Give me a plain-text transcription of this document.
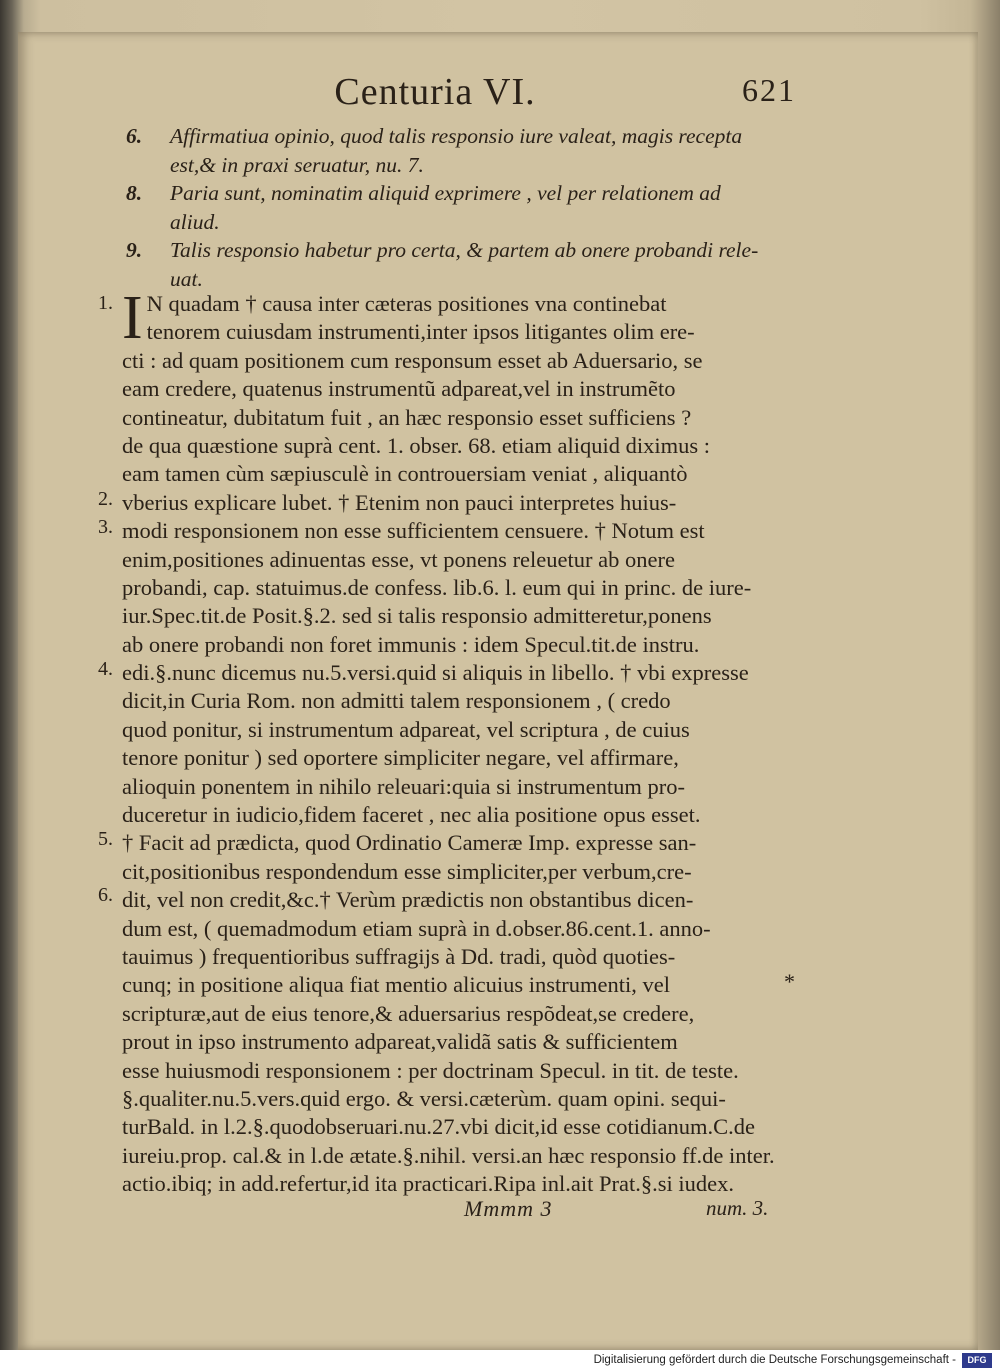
Centuria VI.	621
6. Affirmatiua opinio, quod talis responsio iure valeat, magis recepta
est,& in praxi seruatur, nu. 7.
8. Paria sunt, nominatim aliquid exprimere , vel per relationem ad
aliud.
9. Talis responsio habetur pro certa, & partem ab onere probandi rele-
uat.
1.
2.
3.
4.
5.
6.
*
I N quadam † causa inter cæteras positiones vna continebat
tenorem cuiusdam instrumenti,inter ipsos litigantes olim ere-
cti : ad quam positionem cum responsum esset ab Aduersario, se
eam credere, quatenus instrumentũ adpareat,vel in instrumẽto
contineatur, dubitatum fuit , an hæc responsio esset sufficiens ?
de qua quæstione suprà cent. 1. obser. 68. etiam aliquid diximus :
eam tamen cùm sæpiusculè in controuersiam veniat , aliquantò
vberius explicare lubet. † Etenim non pauci interpretes huius-
modi responsionem non esse sufficientem censuere. † Notum est
enim,positiones adinuentas esse, vt ponens releuetur ab onere
probandi, cap. statuimus.de confess. lib.6. l. eum qui in princ. de iure-
iur.Spec.tit.de Posit.§.2. sed si talis responsio admitteretur,ponens
ab onere probandi non foret immunis : idem Specul.tit.de instru.
edi.§.nunc dicemus nu.5.versi.quid si aliquis in libello. † vbi expresse
dicit,in Curia Rom. non admitti talem responsionem , ( credo
quod ponitur, si instrumentum adpareat, vel scriptura , de cuius
tenore ponitur ) sed oportere simpliciter negare, vel affirmare,
alioquin ponentem in nihilo releuari:quia si instrumentum pro-
duceretur in iudicio,fidem faceret , nec alia positione opus esset.
† Facit ad prædicta, quod Ordinatio Cameræ Imp. expresse san-
cit,positionibus respondendum esse simpliciter,per verbum,cre-
dit, vel non credit,&c.† Verùm prædictis non obstantibus dicen-
dum est, ( quemadmodum etiam suprà in d.obser.86.cent.1. anno-
tauimus ) frequentioribus suffragijs à Dd. tradi, quòd quoties-
cunq; in positione aliqua fiat mentio alicuius instrumenti, vel
scripturæ,aut de eius tenore,& aduersarius respõdeat,se credere,
prout in ipso instrumento adpareat,validã satis & sufficientem
esse huiusmodi responsionem : per doctrinam Specul. in tit. de teste.
§.qualiter.nu.5.vers.quid ergo. & versi.cæterùm. quam opini. sequi-
turBald. in l.2.§.quodobseruari.nu.27.vbi dicit,id esse cotidianum.C.de
iureiu.prop. cal.& in l.de ætate.§.nihil. versi.an hæc responsio ff.de inter.
actio.ibiq; in add.refertur,id ita practicari.Ripa inl.ait Prat.§.si iudex.
Mmmm 3	num. 3.
Digitalisierung gefördert durch die Deutsche Forschungsgemeinschaft -	DFG
